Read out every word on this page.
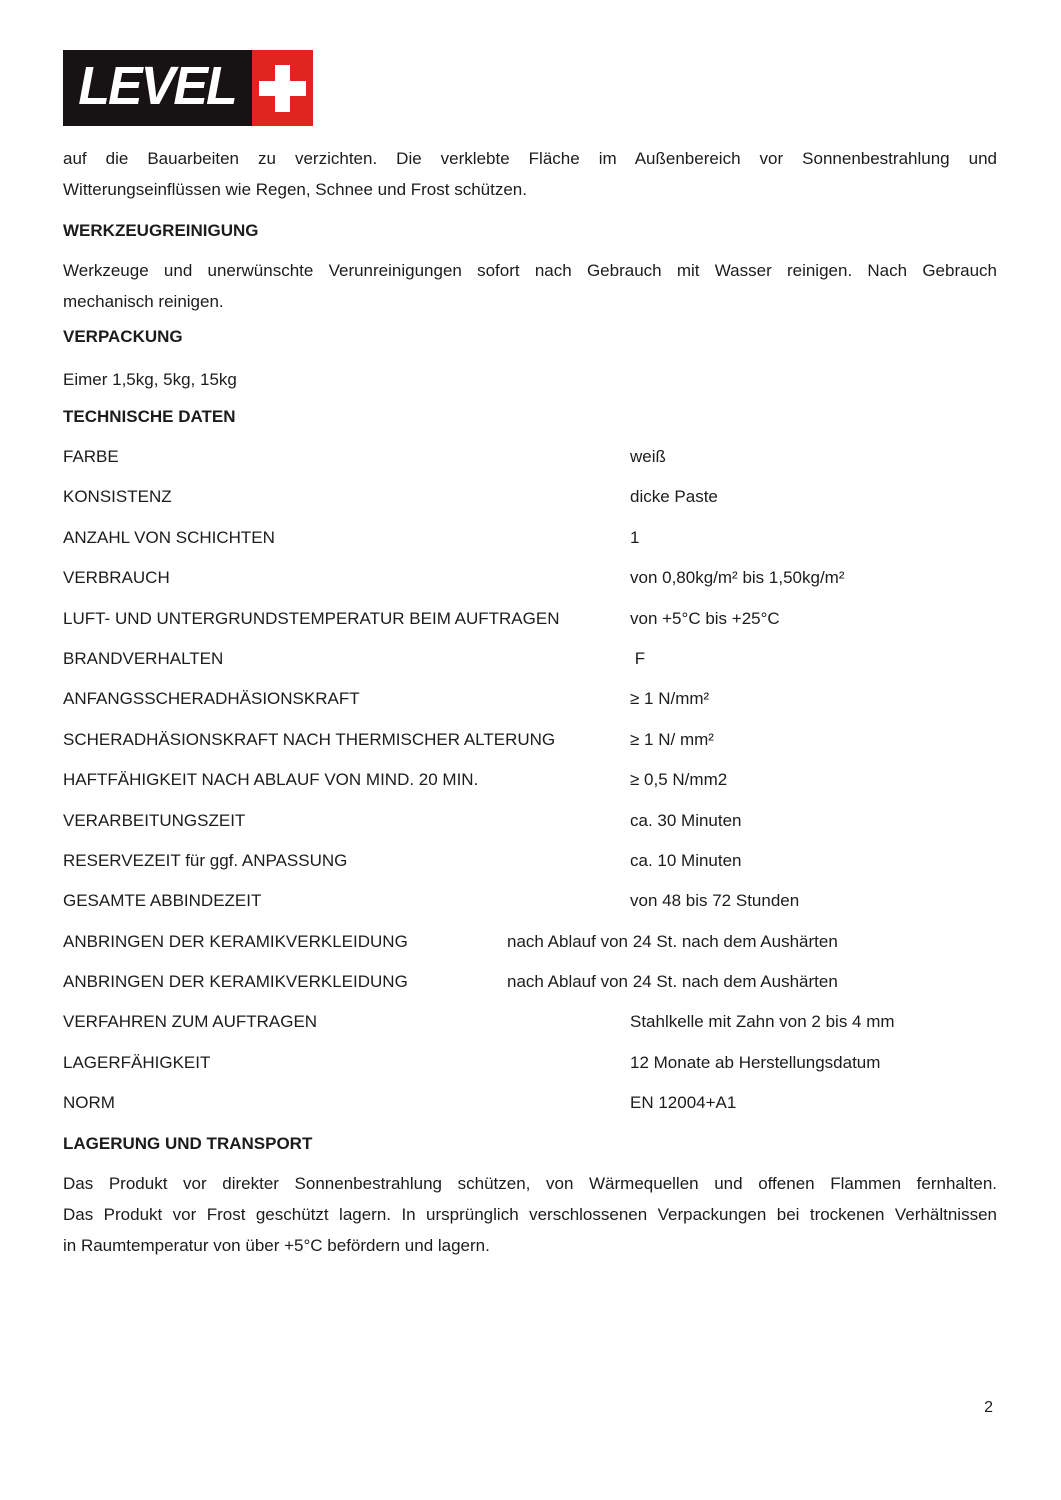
LEVEL
auf die Bauarbeiten zu verzichten. Die verklebte Fläche im Außenbereich vor Sonnenbestrahlung und
Witterungseinflüssen wie Regen, Schnee und Frost schützen.
WERKZEUGREINIGUNG
Werkzeuge und unerwünschte Verunreinigungen sofort nach Gebrauch mit Wasser reinigen. Nach Gebrauch
mechanisch reinigen.
VERPACKUNG
Eimer 1,5kg, 5kg, 15kg
TECHNISCHE DATEN
FARBE	weiß
KONSISTENZ	dicke Paste
ANZAHL VON SCHICHTEN	1
VERBRAUCH	von 0,80kg/m² bis 1,50kg/m²
LUFT- UND UNTERGRUNDSTEMPERATUR BEIM AUFTRAGEN	von +5°C bis +25°C
BRANDVERHALTEN	F
ANFANGSSCHERADHÄSIONSKRAFT	≥ 1 N/mm²
SCHERADHÄSIONSKRAFT NACH THERMISCHER ALTERUNG	≥ 1 N/ mm²
HAFTFÄHIGKEIT NACH ABLAUF VON MIND. 20 MIN.	≥ 0,5 N/mm2
VERARBEITUNGSZEIT	ca. 30 Minuten
RESERVEZEIT für ggf. ANPASSUNG	ca. 10 Minuten
GESAMTE ABBINDEZEIT	von 48 bis 72 Stunden
ANBRINGEN DER KERAMIKVERKLEIDUNG	nach Ablauf von 24 St. nach dem Aushärten
ANBRINGEN DER KERAMIKVERKLEIDUNG	nach Ablauf von 24 St. nach dem Aushärten
VERFAHREN ZUM AUFTRAGEN	Stahlkelle mit Zahn von 2 bis 4 mm
LAGERFÄHIGKEIT	12 Monate ab Herstellungsdatum
NORM	EN 12004+A1
LAGERUNG UND TRANSPORT
Das Produkt vor direkter Sonnenbestrahlung schützen, von Wärmequellen und offenen Flammen fernhalten.
Das Produkt vor Frost geschützt lagern. In ursprünglich verschlossenen Verpackungen bei trockenen Verhältnissen
in Raumtemperatur von über +5°C befördern und lagern.
2
